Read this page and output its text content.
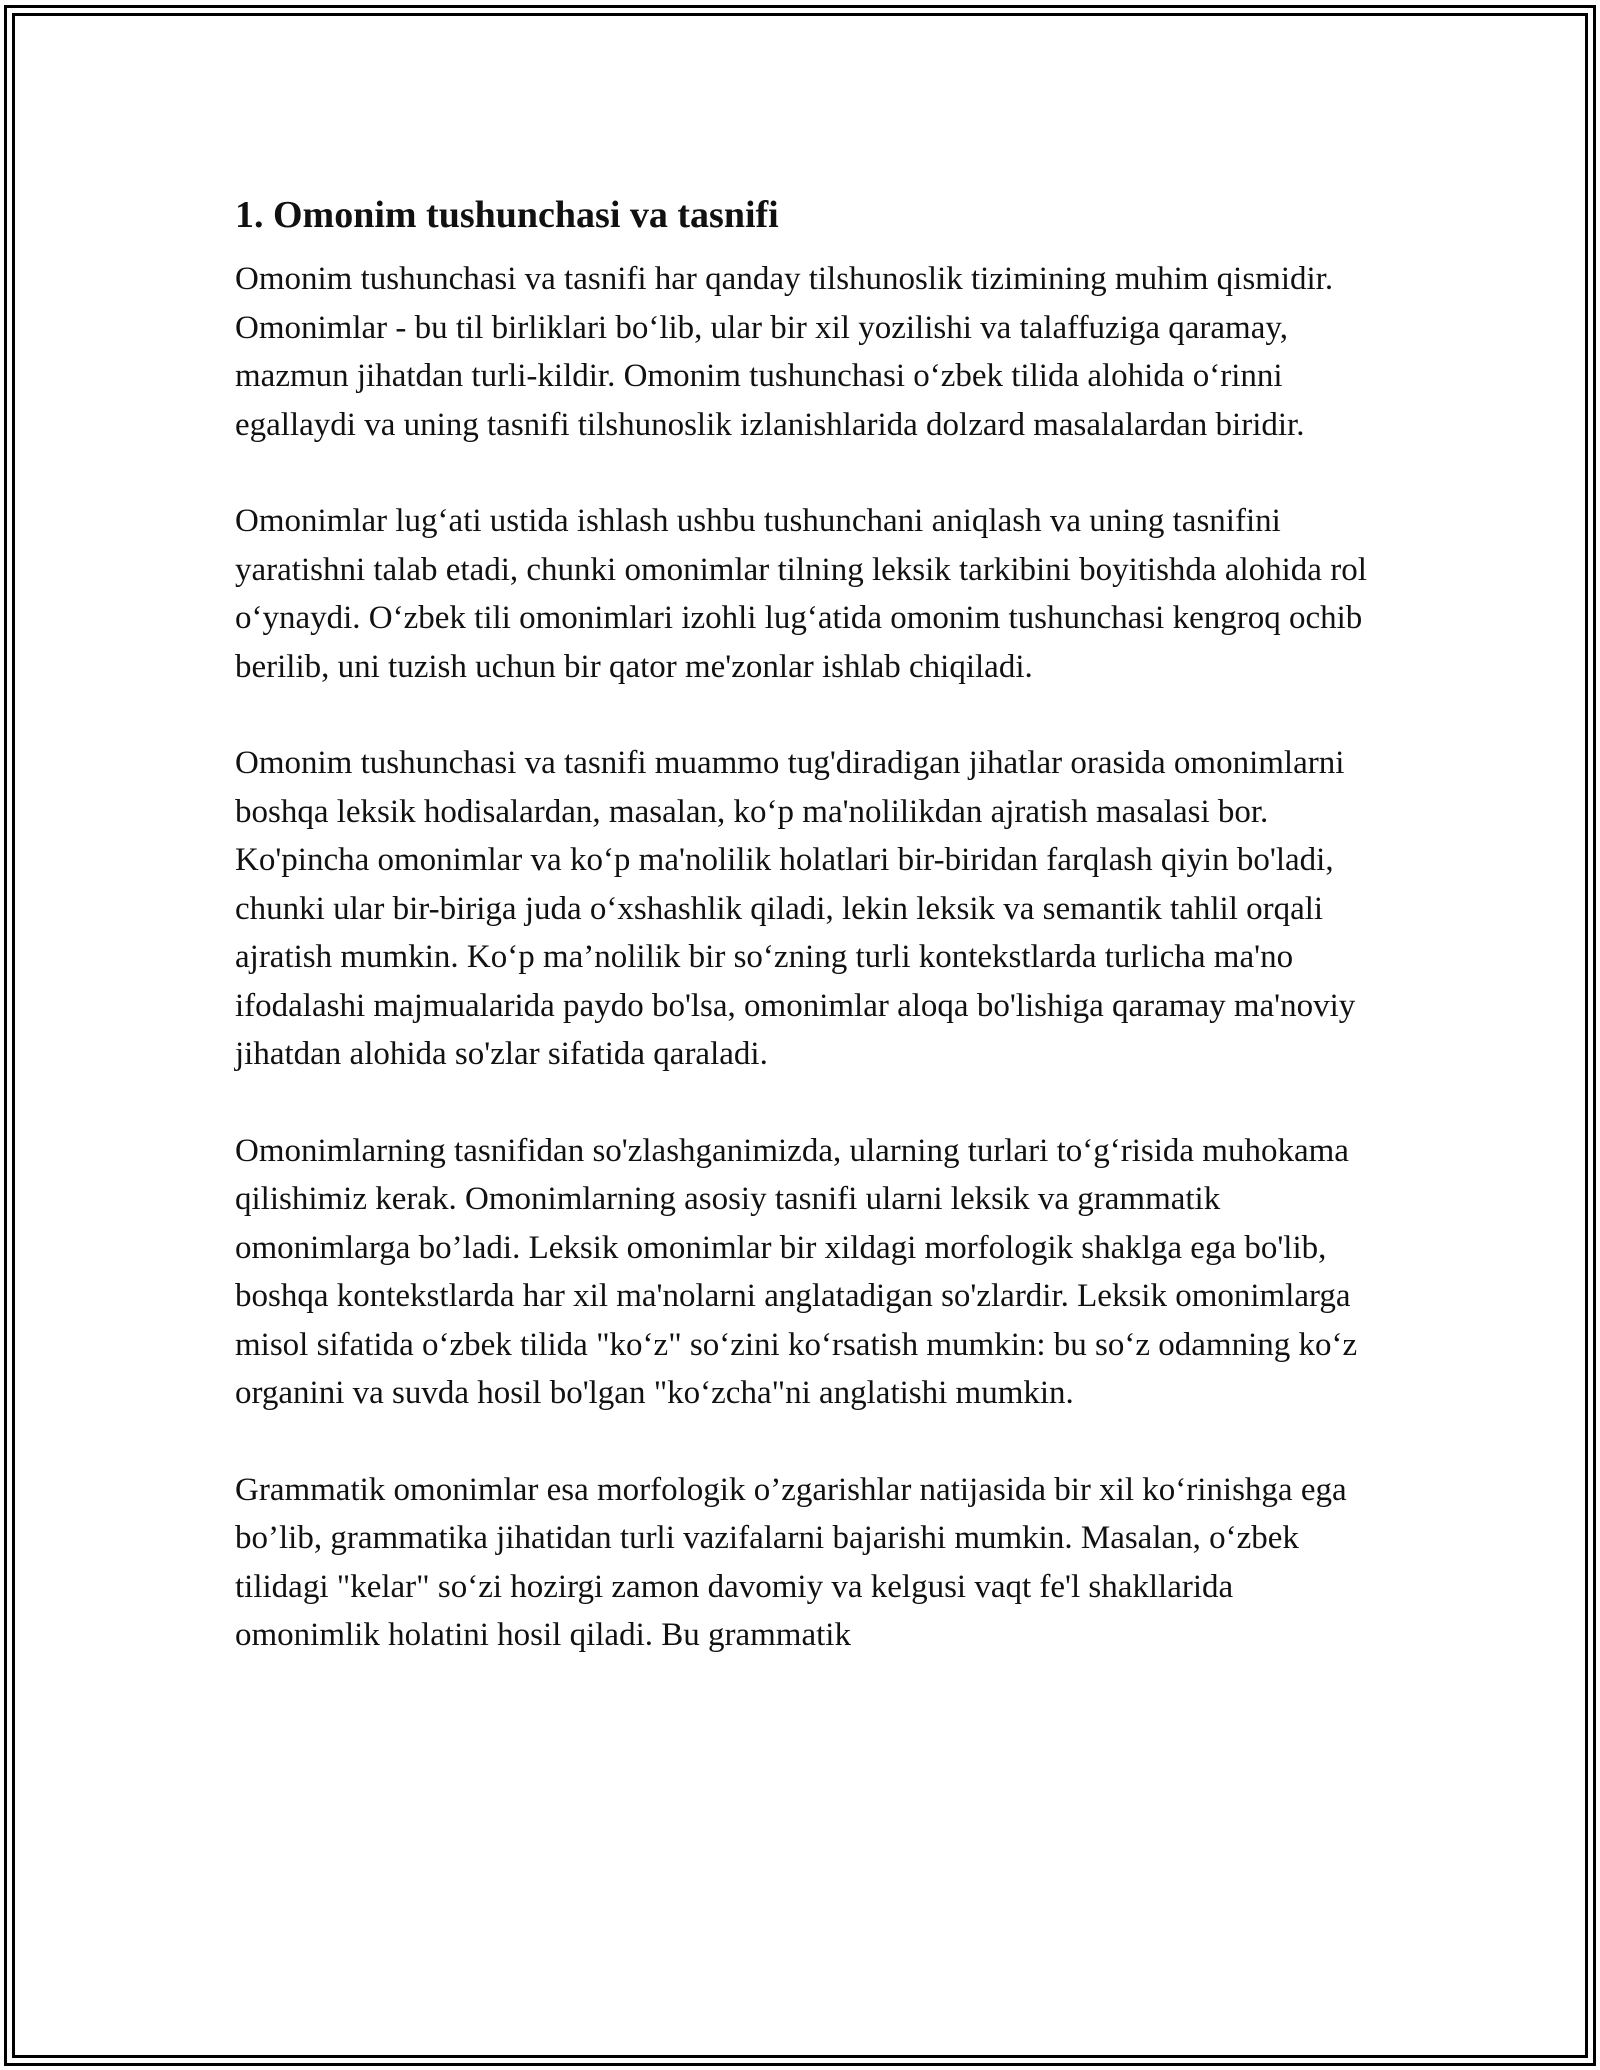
1. Omonim tushunchasi va tasnifi

Omonim tushunchasi va tasnifi har qanday tilshunoslik tizimining muhim qismidir. Omonimlar - bu til birliklari bo‘lib, ular bir xil yozilishi va talaffuziga qaramay, mazmun jihatdan turli-kildir. Omonim tushunchasi o‘zbek tilida alohida o‘rinni egallaydi va uning tasnifi tilshunoslik izlanishlarida dolzard masalalardan biridir.

Omonimlar lug‘ati ustida ishlash ushbu tushunchani aniqlash va uning tasnifini yaratishni talab etadi, chunki omonimlar tilning leksik tarkibini boyitishda alohida rol o‘ynaydi. O‘zbek tili omonimlari izohli lug‘atida omonim tushunchasi kengroq ochib berilib, uni tuzish uchun bir qator me'zonlar ishlab chiqiladi.

Omonim tushunchasi va tasnifi muammo tug'diradigan jihatlar orasida omonimlarni boshqa leksik hodisalardan, masalan, ko‘p ma'nolilikdan ajratish masalasi bor. Ko'pincha omonimlar va ko‘p ma'nolilik holatlari bir-biridan farqlash qiyin bo'ladi, chunki ular bir-biriga juda o‘xshashlik qiladi, lekin leksik va semantik tahlil orqali ajratish mumkin. Ko‘p ma’nolilik bir so‘zning turli kontekstlarda turlicha ma'no ifodalashi majmualarida paydo bo'lsa, omonimlar aloqa bo'lishiga qaramay ma'noviy jihatdan alohida so'zlar sifatida qaraladi.

Omonimlarning tasnifidan so'zlashganimizda, ularning turlari to‘g‘risida muhokama qilishimiz kerak. Omonimlarning asosiy tasnifi ularni leksik va grammatik omonimlarga bo’ladi. Leksik omonimlar bir xildagi morfologik shaklga ega bo'lib, boshqa kontekstlarda har xil ma'nolarni anglatadigan so'zlardir. Leksik omonimlarga misol sifatida o‘zbek tilida "ko‘z" so‘zini ko‘rsatish mumkin: bu so‘z odamning ko‘z organini va suvda hosil bo'lgan "ko‘zcha"ni anglatishi mumkin.

Grammatik omonimlar esa morfologik o’zgarishlar natijasida bir xil ko‘rinishga ega bo’lib, grammatika jihatidan turli vazifalarni bajarishi mumkin. Masalan, o‘zbek tilidagi "kelar" so‘zi hozirgi zamon davomiy va kelgusi vaqt fe'l shakllarida omonimlik holatini hosil qiladi. Bu grammatik
